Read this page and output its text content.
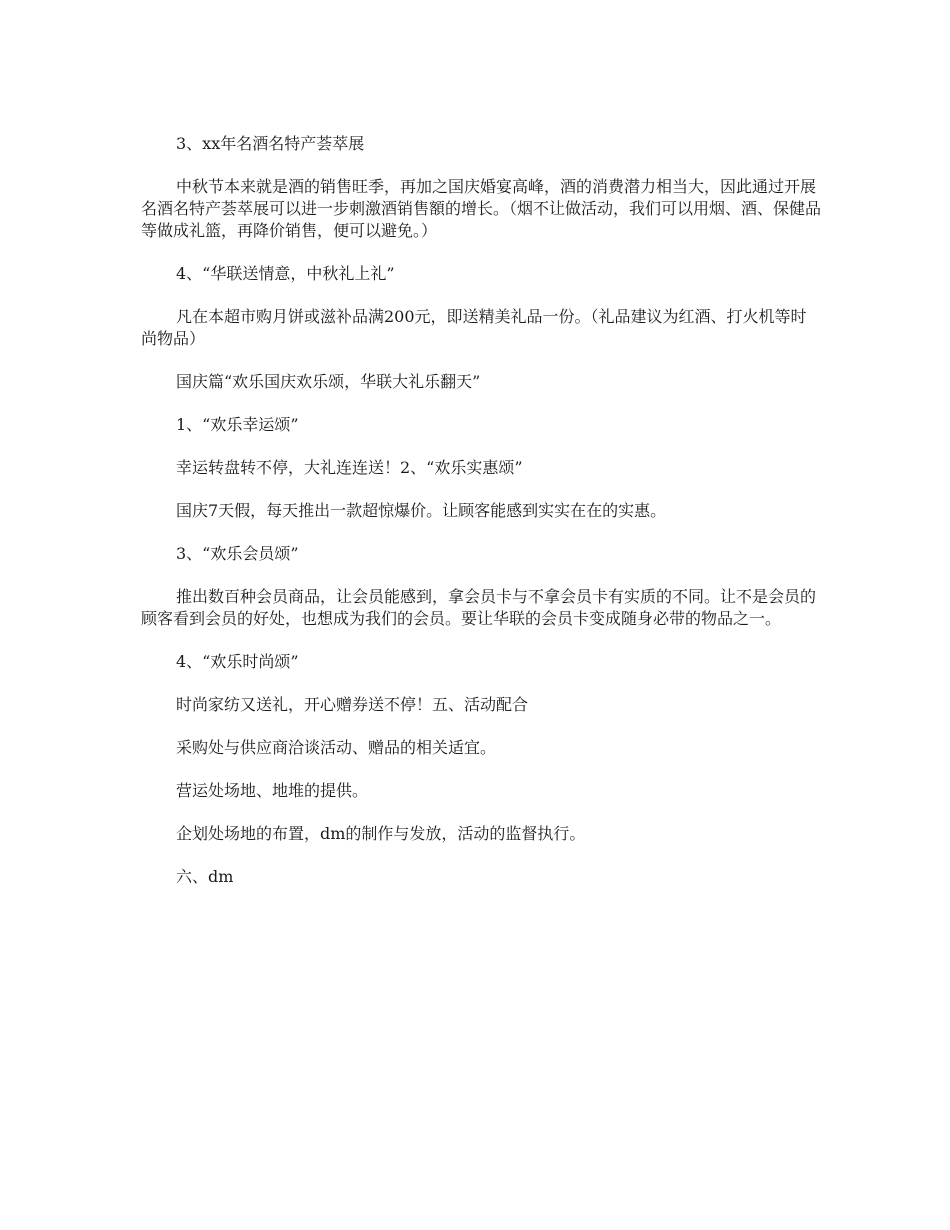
3、xx年名酒名特产荟萃展

中秋节本来就是酒的销售旺季，再加之国庆婚宴高峰，酒的消费潜力相当大，因此通过开展名酒名特产荟萃展可以进一步刺激酒销售額的增长。（烟不让做活动，我们可以用烟、酒、保健品等做成礼篮，再降价销售，便可以避免。）

4、“华联送情意，中秋礼上礼”

凡在本超市购月饼或滋补品满200元，即送精美礼品一份。（礼品建议为红酒、打火机等时尚物品）

国庆篇“欢乐国庆欢乐颂，华联大礼乐翻天”

1、“欢乐幸运颂”

幸运转盘转不停，大礼连连送！2、“欢乐实惠颂”

国庆7天假，每天推出一款超惊爆价。让顾客能感到实实在在的实惠。

3、“欢乐会员颂”

推出数百种会员商品，让会员能感到，拿会员卡与不拿会员卡有实质的不同。让不是会员的顾客看到会员的好处，也想成为我们的会员。要让华联的会员卡变成随身必带的物品之一。

4、“欢乐时尚颂”

时尚家纺又送礼，开心赠券送不停！五、活动配合

采购处与供应商洽谈活动、赠品的相关适宜。

营运处场地、地堆的提供。

企划处场地的布置，dm的制作与发放，活动的监督执行。

六、dm
